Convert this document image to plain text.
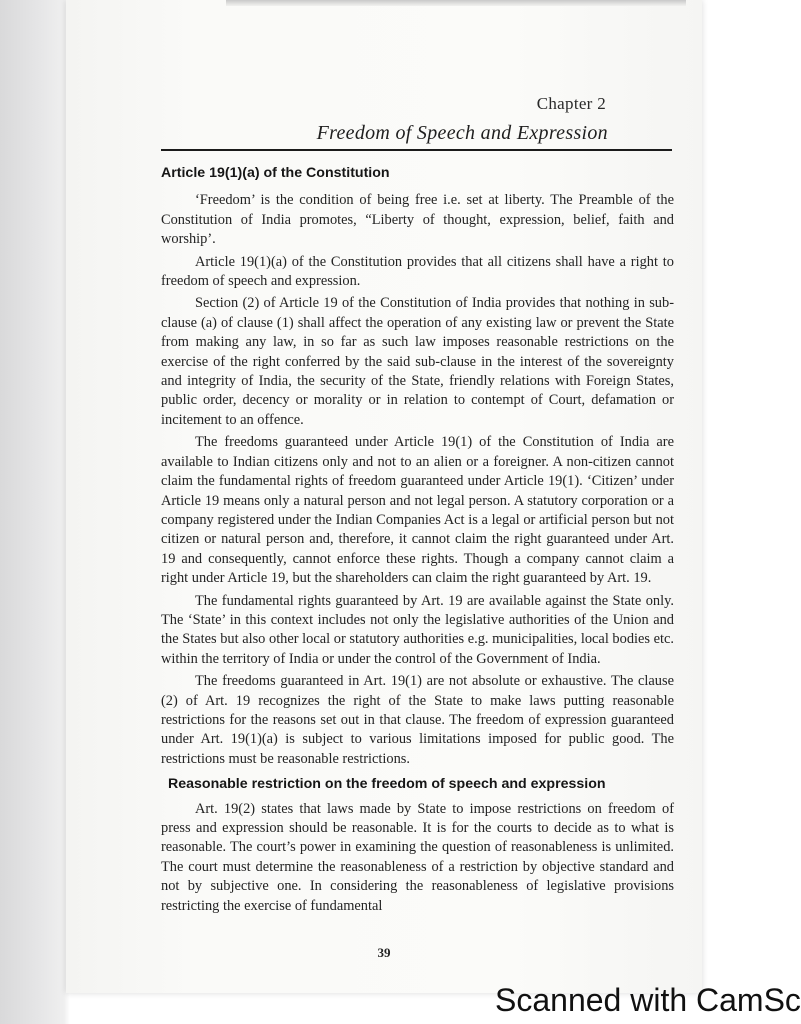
Chapter 2
Freedom of Speech and Expression
Article 19(1)(a) of the Constitution

‘Freedom’ is the condition of being free i.e. set at liberty. The Preamble of the Constitution of India promotes, “Liberty of thought, expression, belief, faith and worship’.

Article 19(1)(a) of the Constitution provides that all citizens shall have a right to freedom of speech and expression.

Section (2) of Article 19 of the Constitution of India provides that nothing in sub-clause (a) of clause (1) shall affect the operation of any existing law or prevent the State from making any law, in so far as such law imposes reasonable restrictions on the exercise of the right conferred by the said sub-clause in the interest of the sovereignty and integrity of India, the security of the State, friendly relations with Foreign States, public order, decency or morality or in relation to contempt of Court, defamation or incitement to an offence.

The freedoms guaranteed under Article 19(1) of the Constitution of India are available to Indian citizens only and not to an alien or a foreigner. A non-citizen cannot claim the fundamental rights of freedom guaranteed under Article 19(1). ‘Citizen’ under Article 19 means only a natural person and not legal person. A statutory corporation or a company registered under the Indian Companies Act is a legal or artificial person but not citizen or natural person and, therefore, it cannot claim the right guaranteed under Art. 19 and consequently, cannot enforce these rights. Though a company cannot claim a right under Article 19, but the shareholders can claim the right guaranteed by Art. 19.

The fundamental rights guaranteed by Art. 19 are available against the State only. The ‘State’ in this context includes not only the legislative authorities of the Union and the States but also other local or statutory authorities e.g. municipalities, local bodies etc. within the territory of India or under the control of the Government of India.

The freedoms guaranteed in Art. 19(1) are not absolute or exhaustive. The clause (2) of Art. 19 recognizes the right of the State to make laws putting reasonable restrictions for the reasons set out in that clause. The freedom of expression guaranteed under Art. 19(1)(a) is subject to various limitations imposed for public good. The restrictions must be reasonable restrictions.

Reasonable restriction on the freedom of speech and expression

Art. 19(2) states that laws made by State to impose restrictions on freedom of press and expression should be reasonable. It is for the courts to decide as to what is reasonable. The court’s power in examining the question of reasonableness is unlimited. The court must determine the reasonableness of a restriction by objective standard and not by subjective one. In considering the reasonableness of legislative provisions restricting the exercise of fundamental

39
Scanned with CamSc
